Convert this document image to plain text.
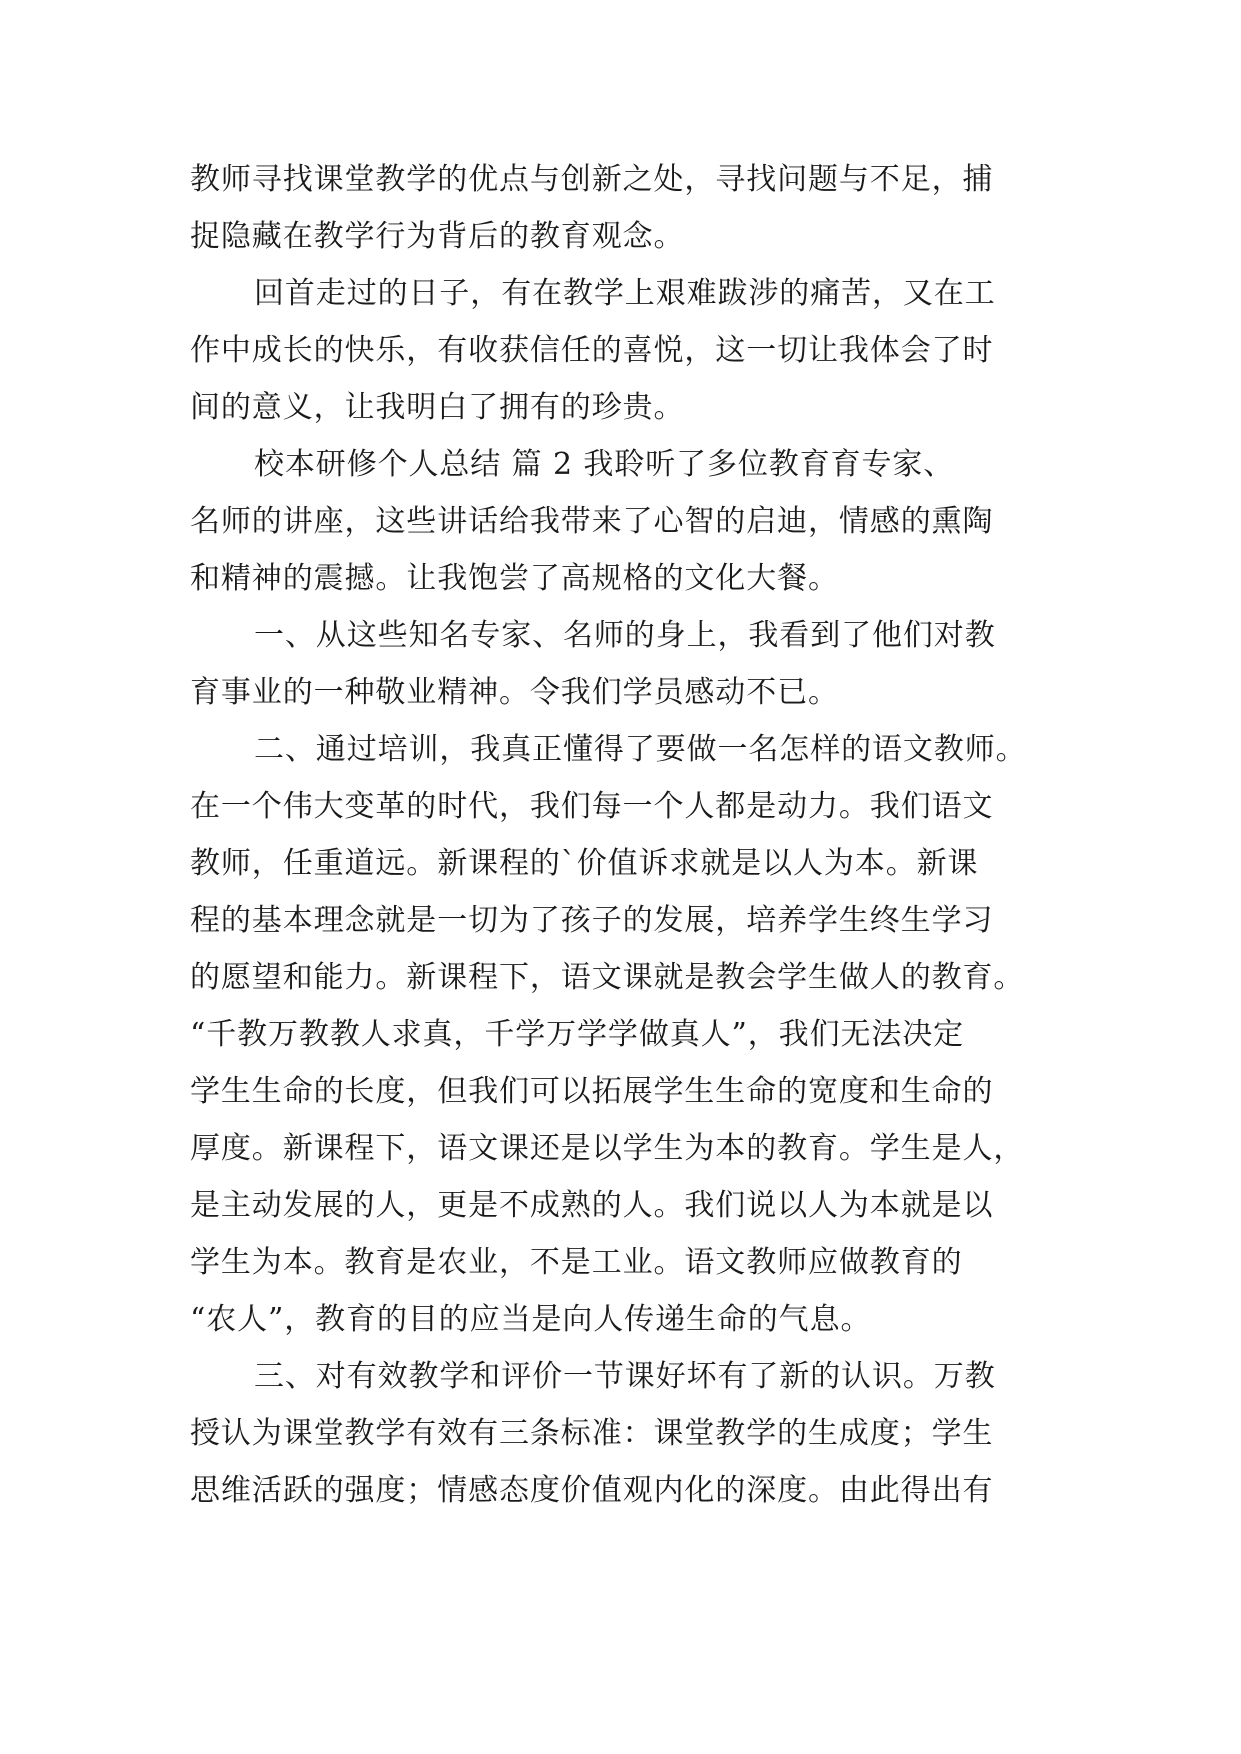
教师寻找课堂教学的优点与创新之处，寻找问题与不足，捕
捉隐藏在教学行为背后的教育观念。
回首走过的日子，有在教学上艰难跋涉的痛苦，又在工
作中成长的快乐，有收获信任的喜悦，这一切让我体会了时
间的意义，让我明白了拥有的珍贵。
校本研修个人总结 篇 2 我聆听了多位教育育专家、
名师的讲座，这些讲话给我带来了心智的启迪，情感的熏陶
和精神的震撼。让我饱尝了高规格的文化大餐。
一、从这些知名专家、名师的身上，我看到了他们对教
育事业的一种敬业精神。令我们学员感动不已。
二、通过培训，我真正懂得了要做一名怎样的语文教师。
在一个伟大变革的时代，我们每一个人都是动力。我们语文
教师，任重道远。新课程的`价值诉求就是以人为本。新课
程的基本理念就是一切为了孩子的发展，培养学生终生学习
的愿望和能力。新课程下，语文课就是教会学生做人的教育。
“千教万教教人求真，千学万学学做真人”，我们无法决定
学生生命的长度，但我们可以拓展学生生命的宽度和生命的
厚度。新课程下，语文课还是以学生为本的教育。学生是人，
是主动发展的人，更是不成熟的人。我们说以人为本就是以
学生为本。教育是农业，不是工业。语文教师应做教育的
“农人”，教育的目的应当是向人传递生命的气息。
三、对有效教学和评价一节课好坏有了新的认识。万教
授认为课堂教学有效有三条标准：课堂教学的生成度；学生
思维活跃的强度；情感态度价值观内化的深度。由此得出有
